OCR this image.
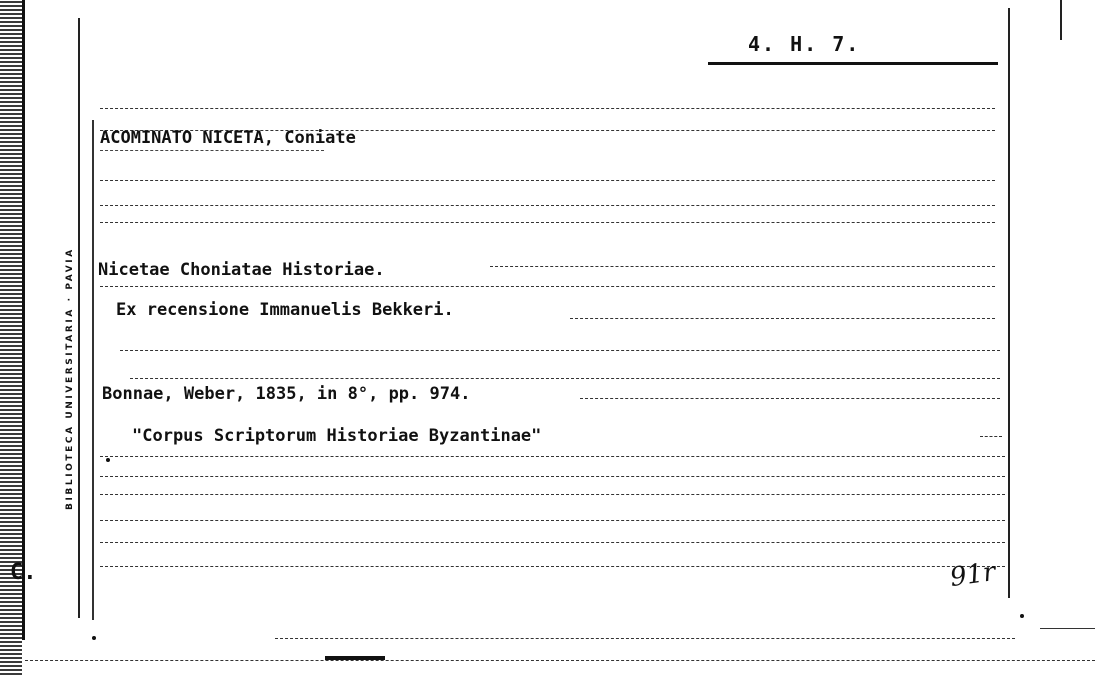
BIBLIOTECA UNIVERSITARIA · PAVIA
4. H. 7.
ACOMINATO NICETA, Coniate
Nicetae Choniatae Historiae.
Ex recensione Immanuelis Bekkeri.
Bonnae, Weber, 1835, in 8°, pp. 974.
"Corpus Scriptorum Historiae Byzantinae"
C.	91r
